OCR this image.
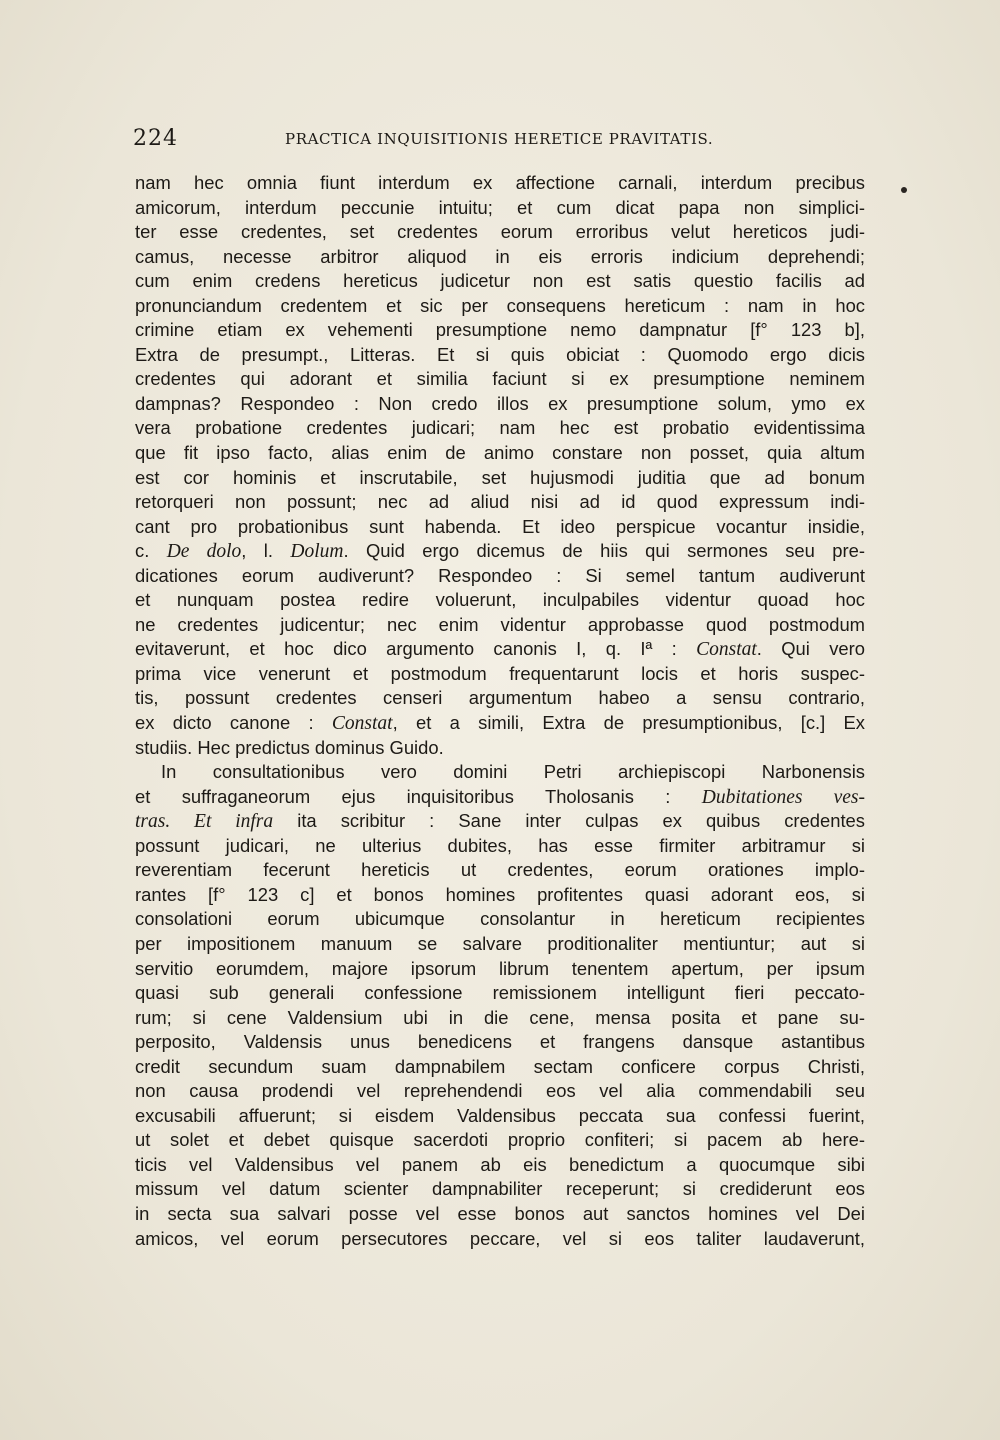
224	PRACTICA INQUISITIONIS HERETICE PRAVITATIS.
nam hec omnia fiunt interdum ex affectione carnali, interdum precibus
amicorum, interdum peccunie intuitu; et cum dicat papa non simplici-
ter esse credentes, set credentes eorum erroribus velut hereticos judi-
camus, necesse arbitror aliquod in eis erroris indicium deprehendi;
cum enim credens hereticus judicetur non est satis questio facilis ad
pronunciandum credentem et sic per consequens hereticum : nam in hoc
crimine etiam ex vehementi presumptione nemo dampnatur [f° 123 b],
Extra de presumpt., Litteras. Et si quis obiciat : Quomodo ergo dicis
credentes qui adorant et similia faciunt si ex presumptione neminem
dampnas? Respondeo : Non credo illos ex presumptione solum, ymo ex
vera probatione credentes judicari; nam hec est probatio evidentissima
que fit ipso facto, alias enim de animo constare non posset, quia altum
est cor hominis et inscrutabile, set hujusmodi juditia que ad bonum
retorqueri non possunt; nec ad aliud nisi ad id quod expressum indi-
cant pro probationibus sunt habenda. Et ideo perspicue vocantur insidie,
c. De dolo, l. Dolum. Quid ergo dicemus de hiis qui sermones seu pre-
dicationes eorum audiverunt? Respondeo : Si semel tantum audiverunt
et nunquam postea redire voluerunt, inculpabiles videntur quoad hoc
ne credentes judicentur; nec enim videntur approbasse quod postmodum
evitaverunt, et hoc dico argumento canonis I, q. Iª : Constat. Qui vero
prima vice venerunt et postmodum frequentarunt locis et horis suspec-
tis, possunt credentes censeri argumentum habeo a sensu contrario,
ex dicto canone : Constat, et a simili, Extra de presumptionibus, [c.] Ex
studiis. Hec predictus dominus Guido.
In consultationibus vero domini Petri archiepiscopi Narbonensis
et suffraganeorum ejus inquisitoribus Tholosanis : Dubitationes ves-
tras. Et infra ita scribitur : Sane inter culpas ex quibus credentes
possunt judicari, ne ulterius dubites, has esse firmiter arbitramur si
reverentiam fecerunt hereticis ut credentes, eorum orationes implo-
rantes [f° 123 c] et bonos homines profitentes quasi adorant eos, si
consolationi eorum ubicumque consolantur in hereticum recipientes
per impositionem manuum se salvare proditionaliter mentiuntur; aut si
servitio eorumdem, majore ipsorum librum tenentem apertum, per ipsum
quasi sub generali confessione remissionem intelligunt fieri peccato-
rum; si cene Valdensium ubi in die cene, mensa posita et pane su-
perposito, Valdensis unus benedicens et frangens dansque astantibus
credit secundum suam dampnabilem sectam conficere corpus Christi,
non causa prodendi vel reprehendendi eos vel alia commendabili seu
excusabili affuerunt; si eisdem Valdensibus peccata sua confessi fuerint,
ut solet et debet quisque sacerdoti proprio confiteri; si pacem ab here-
ticis vel Valdensibus vel panem ab eis benedictum a quocumque sibi
missum vel datum scienter dampnabiliter receperunt; si crediderunt eos
in secta sua salvari posse vel esse bonos aut sanctos homines vel Dei
amicos, vel eorum persecutores peccare, vel si eos taliter laudaverunt,
